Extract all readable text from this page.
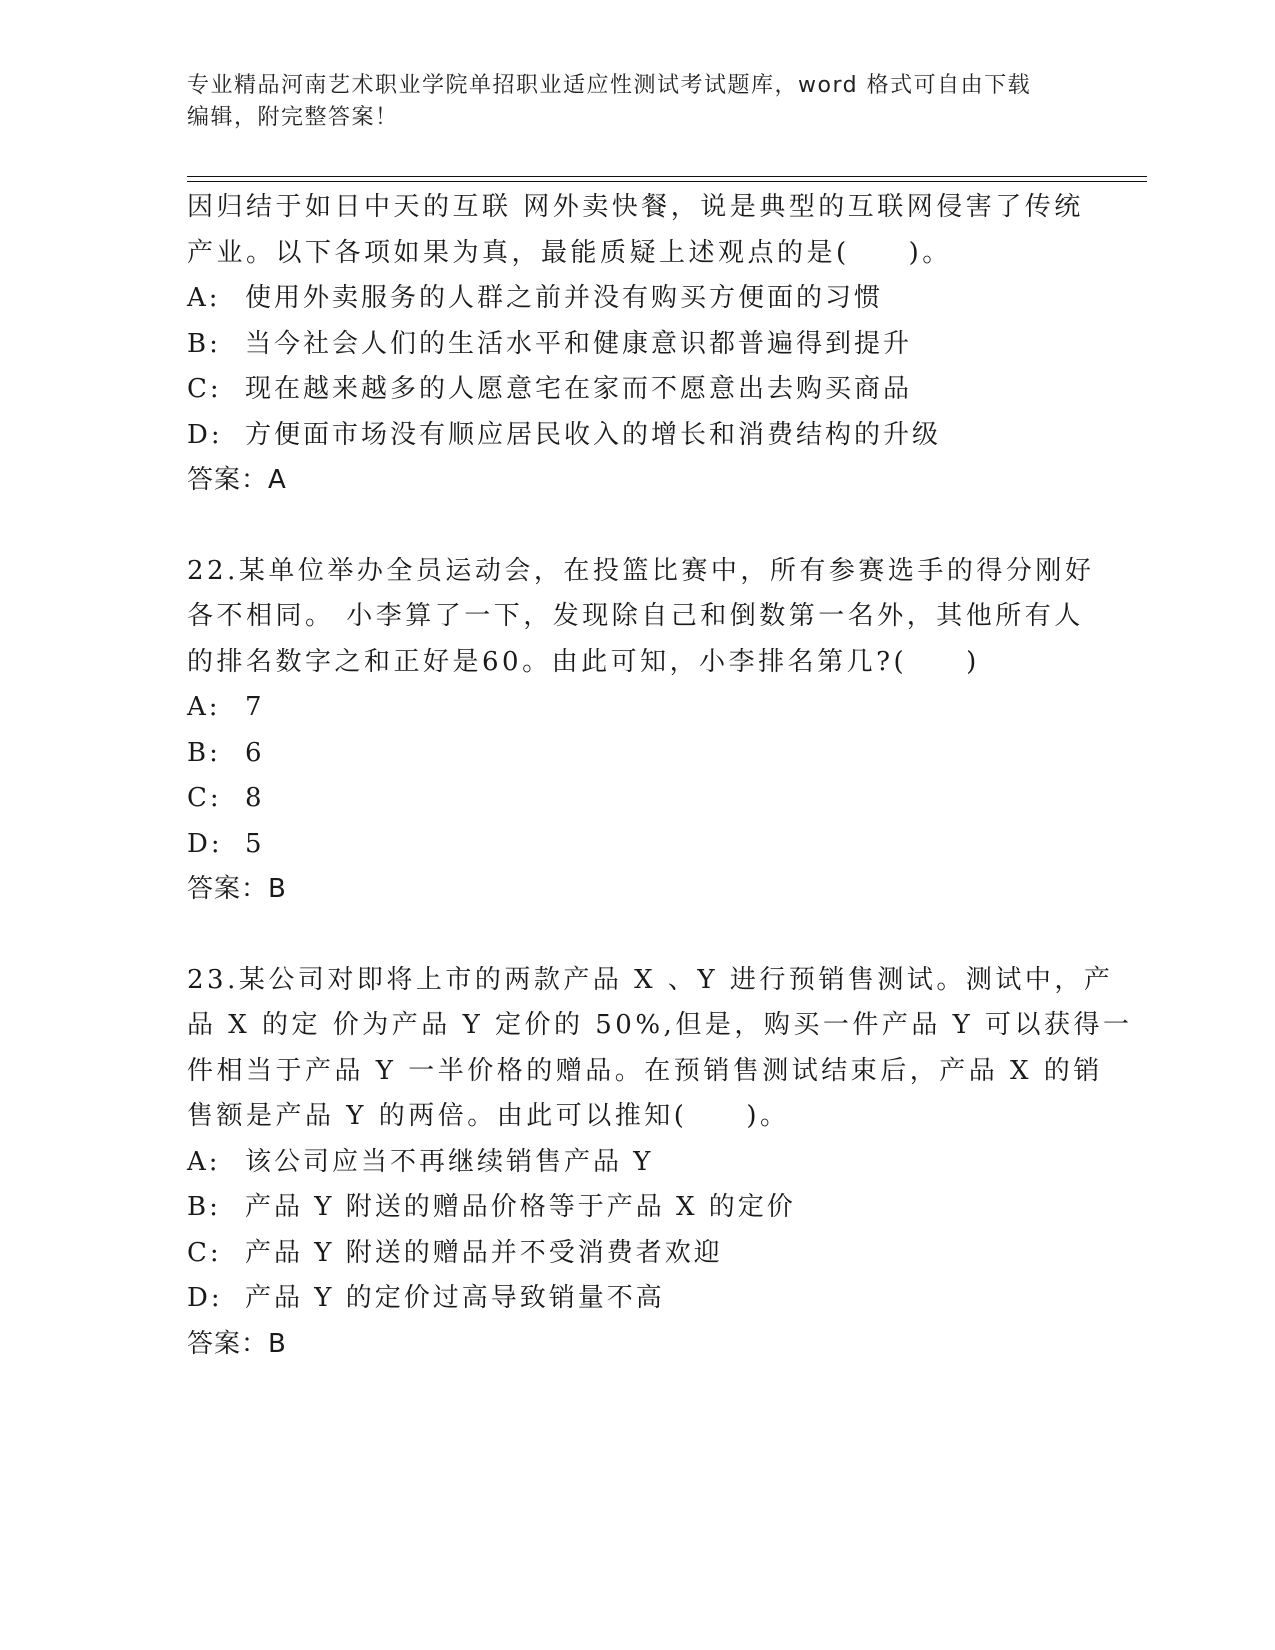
专业精品河南艺术职业学院单招职业适应性测试考试题库，word 格式可自由下载
编辑，附完整答案！
因归结于如日中天的互联 网外卖快餐，说是典型的互联网侵害了传统
产业。以下各项如果为真，最能质疑上述观点的是(　　)。
A: 使用外卖服务的人群之前并没有购买方便面的习惯
B: 当今社会人们的生活水平和健康意识都普遍得到提升
C: 现在越来越多的人愿意宅在家而不愿意出去购买商品
D: 方便面市场没有顺应居民收入的增长和消费结构的升级
答案：A
22.某单位举办全员运动会，在投篮比赛中，所有参赛选手的得分刚好
各不相同。 小李算了一下，发现除自己和倒数第一名外，其他所有人
的排名数字之和正好是60。由此可知，小李排名第几?(　　)
A: 7
B: 6
C: 8
D: 5
答案：B
23.某公司对即将上市的两款产品 X 、Y 进行预销售测试。测试中，产
品 X 的定 价为产品 Y 定价的 50%,但是，购买一件产品 Y 可以获得一
件相当于产品 Y 一半价格的赠品。在预销售测试结束后，产品 X 的销
售额是产品 Y 的两倍。由此可以推知(　　)。
A: 该公司应当不再继续销售产品 Y
B: 产品 Y 附送的赠品价格等于产品 X 的定价
C: 产品 Y 附送的赠品并不受消费者欢迎
D: 产品 Y 的定价过高导致销量不高
答案：B
